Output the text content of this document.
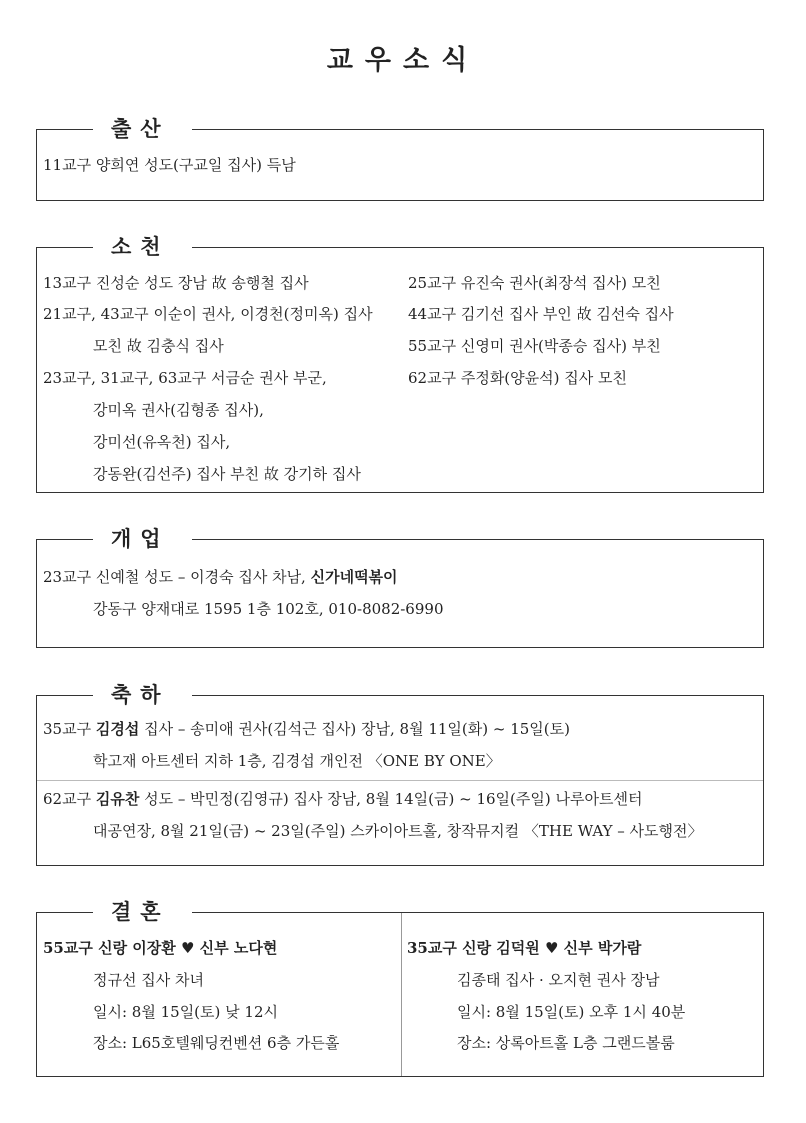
교우소식
출산
11교구 양희연 성도(구교일 집사) 득남
소천
13교구 진성순 성도 장남 故 송행철 집사
21교구, 43교구 이순이 권사, 이경천(정미옥) 집사
모친 故 김충식 집사
23교구, 31교구, 63교구 서금순 권사 부군,
강미옥 권사(김형종 집사),
강미선(유옥천) 집사,
강동완(김선주) 집사 부친 故 강기하 집사
25교구 유진숙 권사(최장석 집사) 모친
44교구 김기선 집사 부인 故 김선숙 집사
55교구 신영미 권사(박종승 집사) 부친
62교구 주정화(양윤석) 집사 모친
개업
23교구 신예철 성도 – 이경숙 집사 차남, 신가네떡볶이
강동구 양재대로 1595 1층 102호, 010-8082-6990
축하
35교구 김경섭 집사 – 송미애 권사(김석근 집사) 장남, 8월 11일(화) ~ 15일(토)
학고재 아트센터 지하 1층, 김경섭 개인전 〈ONE BY ONE〉
62교구 김유찬 성도 – 박민정(김영규) 집사 장남, 8월 14일(금) ~ 16일(주일) 나루아트센터
대공연장, 8월 21일(금) ~ 23일(주일) 스카이아트홀, 창작뮤지컬 〈THE WAY – 사도행전〉
결혼
55교구 신랑 이장환 ♥ 신부 노다현
정규선 집사 차녀
일시: 8월 15일(토) 낮 12시
장소: L65호텔웨딩컨벤션 6층 가든홀
35교구 신랑 김덕원 ♥ 신부 박가람
김종태 집사 · 오지현 권사 장남
일시: 8월 15일(토) 오후 1시 40분
장소: 상록아트홀 L층 그랜드볼룸
